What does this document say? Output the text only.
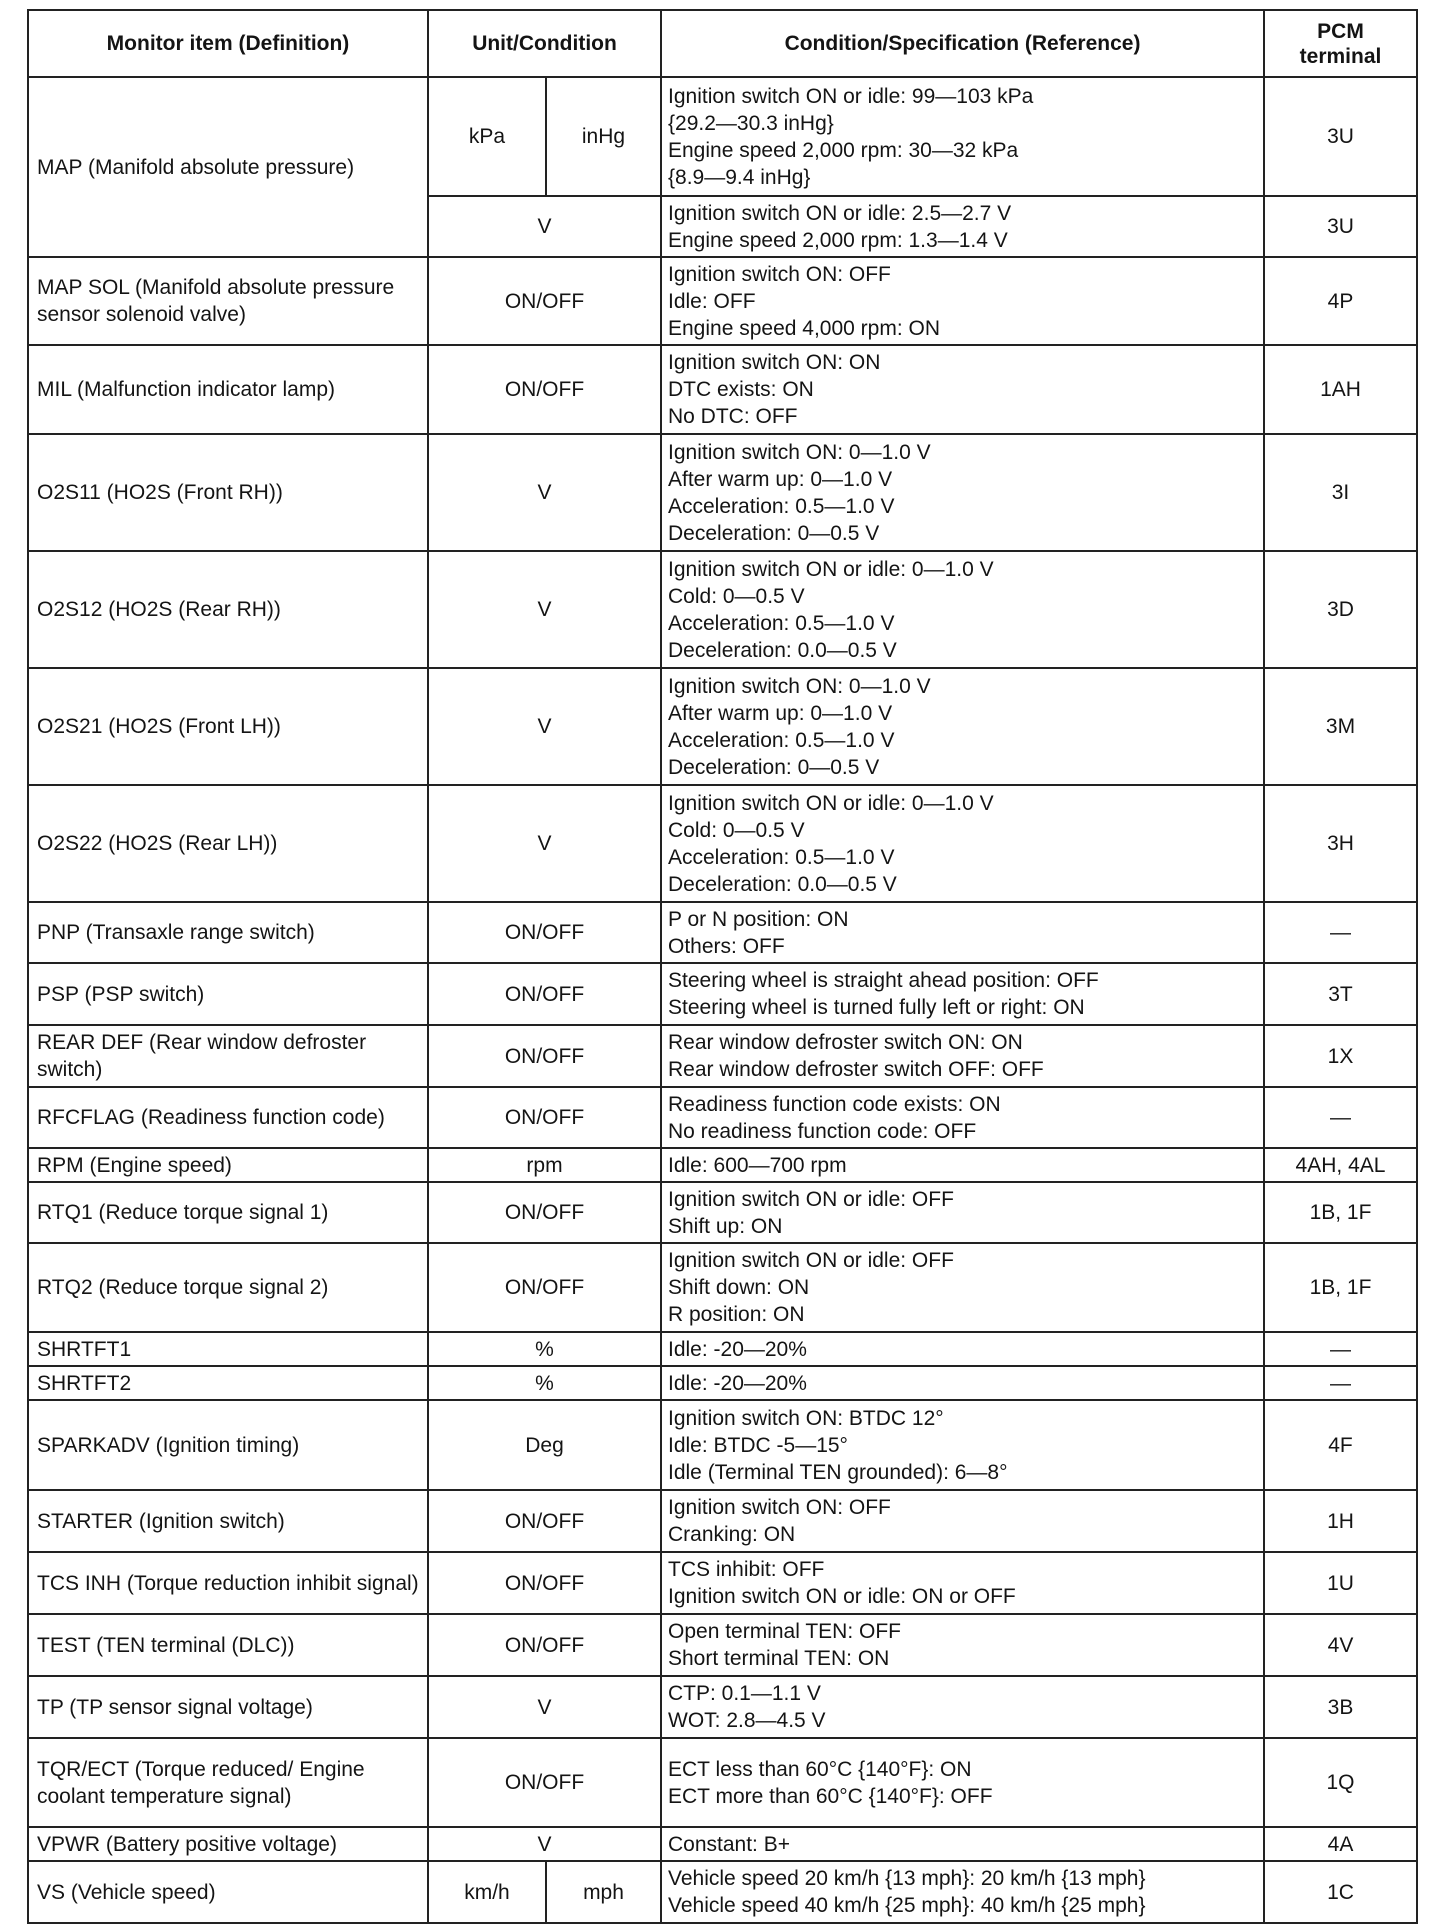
Monitor item (Definition)	Unit/Condition		Condition/Specification (Reference)	PCM
terminal
MAP (Manifold absolute pressure)	kPa	inHg	Ignition switch ON or idle: 99—103 kPa
{29.2—30.3 inHg}
Engine speed 2,000 rpm: 30—32 kPa
{8.9—9.4 inHg}	3U
	V		Ignition switch ON or idle: 2.5—2.7 V
Engine speed 2,000 rpm: 1.3—1.4 V	3U
MAP SOL (Manifold absolute pressure sensor solenoid valve)	ON/OFF		Ignition switch ON: OFF
Idle: OFF
Engine speed 4,000 rpm: ON	4P
MIL (Malfunction indicator lamp)	ON/OFF		Ignition switch ON: ON
DTC exists: ON
No DTC: OFF	1AH
O2S11 (HO2S (Front RH))	V		Ignition switch ON: 0—1.0 V
After warm up: 0—1.0 V
Acceleration: 0.5—1.0 V
Deceleration: 0—0.5 V	3I
O2S12 (HO2S (Rear RH))	V		Ignition switch ON or idle: 0—1.0 V
Cold: 0—0.5 V
Acceleration: 0.5—1.0 V
Deceleration: 0.0—0.5 V	3D
O2S21 (HO2S (Front LH))	V		Ignition switch ON: 0—1.0 V
After warm up: 0—1.0 V
Acceleration: 0.5—1.0 V
Deceleration: 0—0.5 V	3M
O2S22 (HO2S (Rear LH))	V		Ignition switch ON or idle: 0—1.0 V
Cold: 0—0.5 V
Acceleration: 0.5—1.0 V
Deceleration: 0.0—0.5 V	3H
PNP (Transaxle range switch)	ON/OFF		P or N position: ON
Others: OFF	—
PSP (PSP switch)	ON/OFF		Steering wheel is straight ahead position: OFF
Steering wheel is turned fully left or right: ON	3T
REAR DEF (Rear window defroster switch)	ON/OFF		Rear window defroster switch ON: ON
Rear window defroster switch OFF: OFF	1X
RFCFLAG (Readiness function code)	ON/OFF		Readiness function code exists: ON
No readiness function code: OFF	—
RPM (Engine speed)	rpm		Idle: 600—700 rpm	4AH, 4AL
RTQ1 (Reduce torque signal 1)	ON/OFF		Ignition switch ON or idle: OFF
Shift up: ON	1B, 1F
RTQ2 (Reduce torque signal 2)	ON/OFF		Ignition switch ON or idle: OFF
Shift down: ON
R position: ON	1B, 1F
SHRTFT1	%		Idle: -20—20%	—
SHRTFT2	%		Idle: -20—20%	—
SPARKADV (Ignition timing)	Deg		Ignition switch ON: BTDC 12°
Idle: BTDC -5—15°
Idle (Terminal TEN grounded): 6—8°	4F
STARTER (Ignition switch)	ON/OFF		Ignition switch ON: OFF
Cranking: ON	1H
TCS INH (Torque reduction inhibit signal)	ON/OFF		TCS inhibit: OFF
Ignition switch ON or idle: ON or OFF	1U
TEST (TEN terminal (DLC))	ON/OFF		Open terminal TEN: OFF
Short terminal TEN: ON	4V
TP (TP sensor signal voltage)	V		CTP: 0.1—1.1 V
WOT: 2.8—4.5 V	3B
TQR/ECT (Torque reduced/ Engine coolant temperature signal)	ON/OFF		ECT less than 60°C {140°F}: ON
ECT more than 60°C {140°F}: OFF	1Q
VPWR (Battery positive voltage)	V		Constant: B+	4A
VS (Vehicle speed)	km/h	mph	Vehicle speed 20 km/h {13 mph}: 20 km/h {13 mph}
Vehicle speed 40 km/h {25 mph}: 40 km/h {25 mph}	1C
